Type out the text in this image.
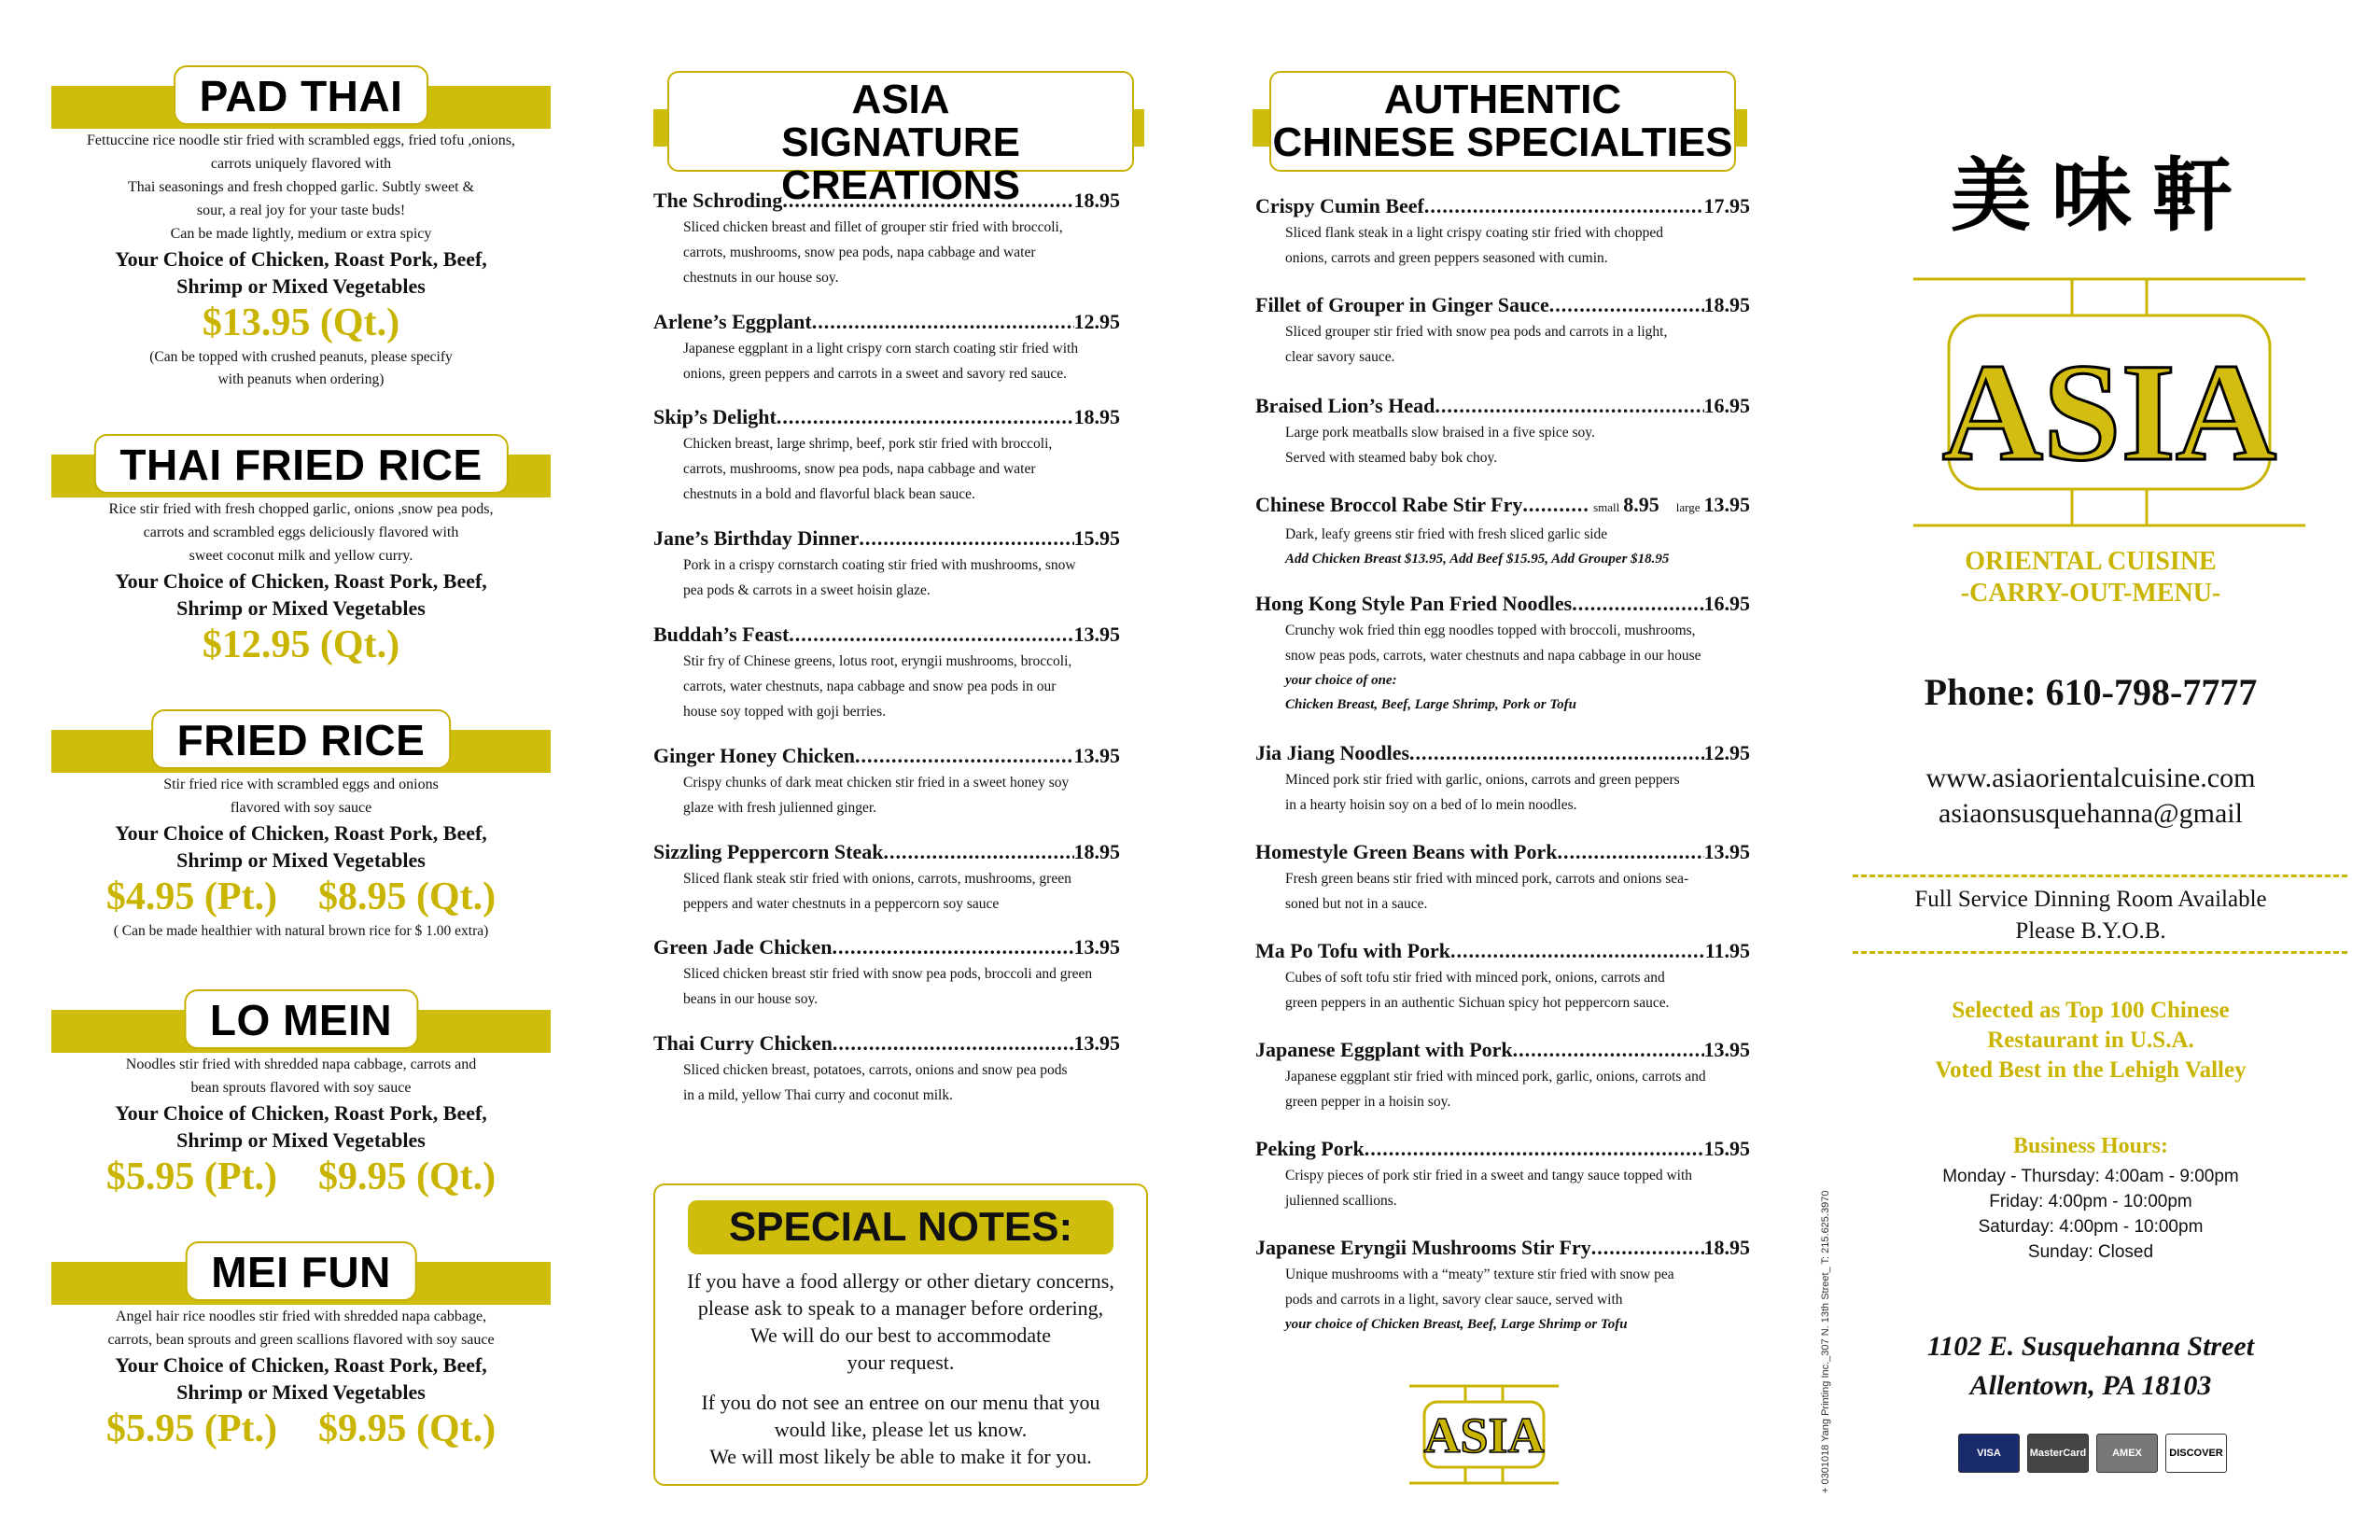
PAD THAI
Fettuccine rice noodle stir fried with scrambled eggs, fried tofu ,onions,
carrots uniquely flavored with
Thai seasonings and fresh chopped garlic. Subtly sweet &
sour, a real joy for your taste buds!
Can be made lightly, medium or extra spicy
Your Choice of Chicken, Roast Pork, Beef,
Shrimp or Mixed Vegetables
$13.95 (Qt.)
(Can be topped with crushed peanuts, please specify
with peanuts when ordering)
THAI FRIED RICE
Rice stir fried with fresh chopped garlic, onions ,snow pea pods,
carrots and scrambled eggs deliciously flavored with
sweet coconut milk and yellow curry.
Your Choice of Chicken, Roast Pork, Beef,
Shrimp or Mixed Vegetables
$12.95 (Qt.)
FRIED RICE
Stir fried rice with scrambled eggs and onions
flavored with soy sauce
Your Choice of Chicken, Roast Pork, Beef,
Shrimp or Mixed Vegetables
$4.95 (Pt.) $8.95 (Qt.)
( Can be made healthier with natural brown rice for $ 1.00 extra)
LO MEIN
Noodles stir fried with shredded napa cabbage, carrots and
bean sprouts flavored with soy sauce
Your Choice of Chicken, Roast Pork, Beef,
Shrimp or Mixed Vegetables
$5.95 (Pt.) $9.95 (Qt.)
MEI FUN
Angel hair rice noodles stir fried with shredded napa cabbage,
carrots, bean sprouts and green scallions flavored with soy sauce
Your Choice of Chicken, Roast Pork, Beef,
Shrimp or Mixed Vegetables
$5.95 (Pt.) $9.95 (Qt.)
ASIA
SIGNATURE CREATIONS
The Schroding .....	18.95
Sliced chicken breast and fillet of grouper stir fried with broccoli,
carrots, mushrooms, snow pea pods, napa cabbage and water
chestnuts in our house soy.
Arlene’s Eggplant .....	12.95
Japanese eggplant in a light crispy corn starch coating stir fried with
onions, green peppers and carrots in a sweet and savory red sauce.
Skip’s Delight .....	18.95
Chicken breast, large shrimp, beef, pork stir fried with broccoli,
carrots, mushrooms, snow pea pods, napa cabbage and water
chestnuts in a bold and flavorful black bean sauce.
Jane’s Birthday Dinner .....	15.95
Pork in a crispy cornstarch coating stir fried with mushrooms, snow
pea pods & carrots in a sweet hoisin glaze.
Buddah’s Feast .....	13.95
Stir fry of Chinese greens, lotus root, eryngii mushrooms, broccoli,
carrots, water chestnuts, napa cabbage and snow pea pods in our
house soy topped with goji berries.
Ginger Honey Chicken .....	13.95
Crispy chunks of dark meat chicken stir fried in a sweet honey soy
glaze with fresh julienned ginger.
Sizzling Peppercorn Steak .....	18.95
Sliced flank steak stir fried with onions, carrots, mushrooms, green
peppers and water chestnuts in a peppercorn soy sauce
Green Jade Chicken .....	13.95
Sliced chicken breast stir fried with snow pea pods, broccoli and green
beans in our house soy.
Thai Curry Chicken .....	13.95
Sliced chicken breast, potatoes, carrots, onions and snow pea pods
in a mild, yellow Thai curry and coconut milk.
SPECIAL NOTES:

If you have a food allergy or other dietary concerns,
please ask to speak to a manager before ordering,
We will do our best to accommodate
your request.

If you do not see an entree on our menu that you
would like, please let us know.
We will most likely be able to make it for you.

AUTHENTIC
CHINESE SPECIALTIES
Crispy Cumin Beef .....	17.95
Sliced flank steak in a light crispy coating stir fried with chopped
onions, carrots and green peppers seasoned with cumin.
Fillet of Grouper in Ginger Sauce .....	18.95
Sliced grouper stir fried with snow pea pods and carrots in a light,
clear savory sauce.
Braised Lion’s Head .....	16.95
Large pork meatballs slow braised in a five spice soy.
Served with steamed baby bok choy.
Chinese Broccol Rabe Stir Fry .....	small 8.95 large 13.95
Dark, leafy greens stir fried with fresh sliced garlic side
Add Chicken Breast $13.95, Add Beef $15.95, Add Grouper $18.95
Hong Kong Style Pan Fried Noodles .....	16.95
Crunchy wok fried thin egg noodles topped with broccoli, mushrooms,
snow peas pods, carrots, water chestnuts and napa cabbage in our house
your choice of one:
Chicken Breast, Beef, Large Shrimp, Pork or Tofu
Jia Jiang Noodles .....	12.95
Minced pork stir fried with garlic, onions, carrots and green peppers
in a hearty hoisin soy on a bed of lo mein noodles.
Homestyle Green Beans with Pork .....	13.95
Fresh green beans stir fried with minced pork, carrots and onions sea-
soned but not in a sauce.
Ma Po Tofu with Pork .....	11.95
Cubes of soft tofu stir fried with minced pork, onions, carrots and
green peppers in an authentic Sichuan spicy hot peppercorn sauce.
Japanese Eggplant with Pork .....	13.95
Japanese eggplant stir fried with minced pork, garlic, onions, carrots and
green pepper in a hoisin soy.
Peking Pork .....	15.95
Crispy pieces of pork stir fried in a sweet and tangy sauce topped with
julienned scallions.
Japanese Eryngii Mushrooms Stir Fry .....	18.95
Unique mushrooms with a “meaty” texture stir fried with snow pea
pods and carrots in a light, savory clear sauce, served with
your choice of Chicken Breast, Beef, Large Shrimp or Tofu
ASIA	+ 0301018 Yang Printing Inc._307 N. 13th Street_ T: 215.625.3970
美味軒
ASIA
ORIENTAL CUISINE
-CARRY-OUT-MENU-
Phone: 610-798-7777
www.asiaorientalcuisine.com
asiaonsusquehanna@gmail
Full Service Dinning Room Available
Please B.Y.O.B.
Selected as Top 100 Chinese
Restaurant in U.S.A.
Voted Best in the Lehigh Valley
Business Hours:
Monday - Thursday: 4:00am - 9:00pm
Friday: 4:00pm - 10:00pm
Saturday: 4:00pm - 10:00pm
Sunday: Closed
1102 E. Susquehanna Street
Allentown, PA 18103
VISA	MasterCard	AMEX	DISCOVER
